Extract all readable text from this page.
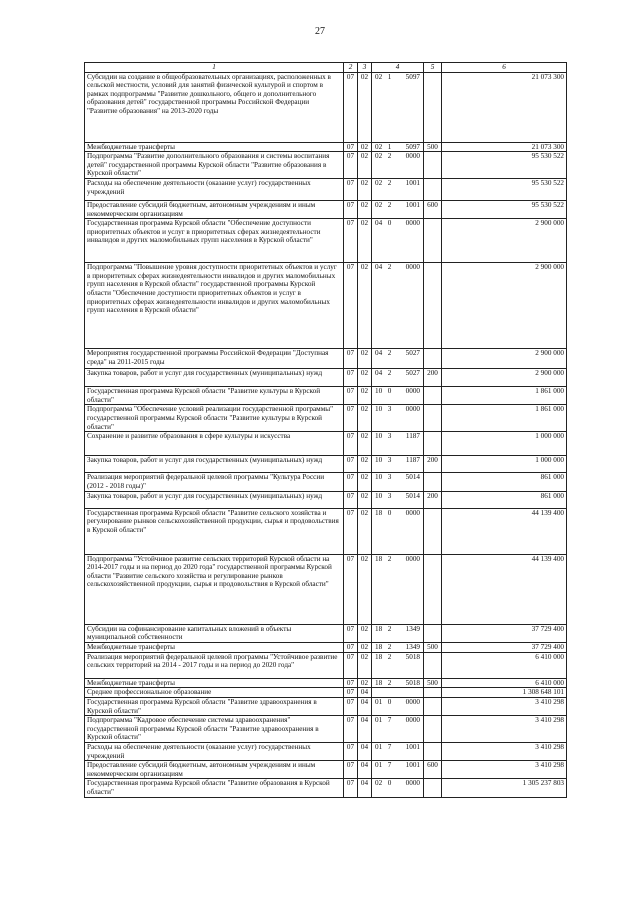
27
1	2	3	4	5	6
Субсидии на создание в общеобразовательных организациях, расположенных в сельской местности, условий для занятий физической культурой и спортом в рамках подпрограммы "Развитие дошкольного, общего и дополнительного образования детей" государственной программы Российской Федерации "Развитие образования" на 2013-2020 годы	07	02	02 1 5097		21 073 300
Межбюджетные трансферты	07	02	02 1 5097	500	21 073 300
Подпрограмма "Развитие дополнительного образования и системы воспитания детей" государственной программы Курской области "Развитие образования в Курской области"	07	02	02 2 0000		95 530 522
Расходы на обеспечение деятельности (оказание услуг) государственных учреждений	07	02	02 2 1001		95 530 522
Предоставление субсидий бюджетным, автономным учреждениям и иным некоммерческим организациям	07	02	02 2 1001	600	95 530 522
Государственная программа Курской области "Обеспечение доступности приоритетных объектов и услуг в приоритетных сферах жизнедеятельности инвалидов и других маломобильных групп населения в Курской области"	07	02	04 0 0000		2 900 000
Подпрограмма "Повышение уровня доступности приоритетных объектов и услуг в приоритетных сферах жизнедеятельности инвалидов и других маломобильных групп населения в Курской области" государственной программы Курской области "Обеспечение доступности приоритетных объектов и услуг в приоритетных сферах жизнедеятельности инвалидов и других маломобильных групп населения в Курской области"	07	02	04 2 0000		2 900 000
Мероприятия государственной программы Российской Федерации "Доступная среда" на 2011-2015 годы	07	02	04 2 5027		2 900 000
Закупка товаров, работ и услуг для государственных (муниципальных) нужд	07	02	04 2 5027	200	2 900 000
Государственная программа Курской области "Развитие культуры в Курской области"	07	02	10 0 0000		1 861 000
Подпрограмма "Обеспечение условий реализации государственной программы" государственной программы Курской области "Развитие культуры в Курской области"	07	02	10 3 0000		1 861 000
Сохранение и развитие образования в сфере культуры и искусства	07	02	10 3 1187		1 000 000
Закупка товаров, работ и услуг для государственных (муниципальных) нужд	07	02	10 3 1187	200	1 000 000
Реализация мероприятий федеральной целевой программы "Культура России (2012 - 2018 годы)"	07	02	10 3 5014		861 000
Закупка товаров, работ и услуг для государственных (муниципальных) нужд	07	02	10 3 5014	200	861 000
Государственная программа Курской области "Развитие сельского хозяйства и регулирование рынков сельскохозяйственной продукции, сырья и продовольствия в Курской области"	07	02	18 0 0000		44 139 400
Подпрограмма "Устойчивое развитие сельских территорий Курской области на 2014-2017 годы и на период до 2020 года" государственной программы Курской области "Развитие сельского хозяйства и регулирование рынков сельскохозяйственной продукции, сырья и продовольствия в Курской области"	07	02	18 2 0000		44 139 400
Субсидии на софинансирование капитальных вложений в объекты муниципальной собственности	07	02	18 2 1349		37 729 400
Межбюджетные трансферты	07	02	18 2 1349	500	37 729 400
Реализация мероприятий федеральной целевой программы "Устойчивое развитие сельских территорий на 2014 - 2017 годы и на период до 2020 года"	07	02	18 2 5018		6 410 000
Межбюджетные трансферты	07	02	18 2 5018	500	6 410 000
Среднее профессиональное образование	07	04			1 308 648 101
Государственная программа Курской области "Развитие здравоохранения в Курской области"	07	04	01 0 0000		3 410 298
Подпрограмма "Кадровое обеспечение системы здравоохранения" государственной программы Курской области "Развитие здравоохранения в Курской области"	07	04	01 7 0000		3 410 298
Расходы на обеспечение деятельности (оказание услуг) государственных учреждений	07	04	01 7 1001		3 410 298
Предоставление субсидий бюджетным, автономным учреждениям и иным некоммерческим организациям	07	04	01 7 1001	600	3 410 298
Государственная программа Курской области "Развитие образования в Курской области"	07	04	02 0 0000		1 305 237 803
